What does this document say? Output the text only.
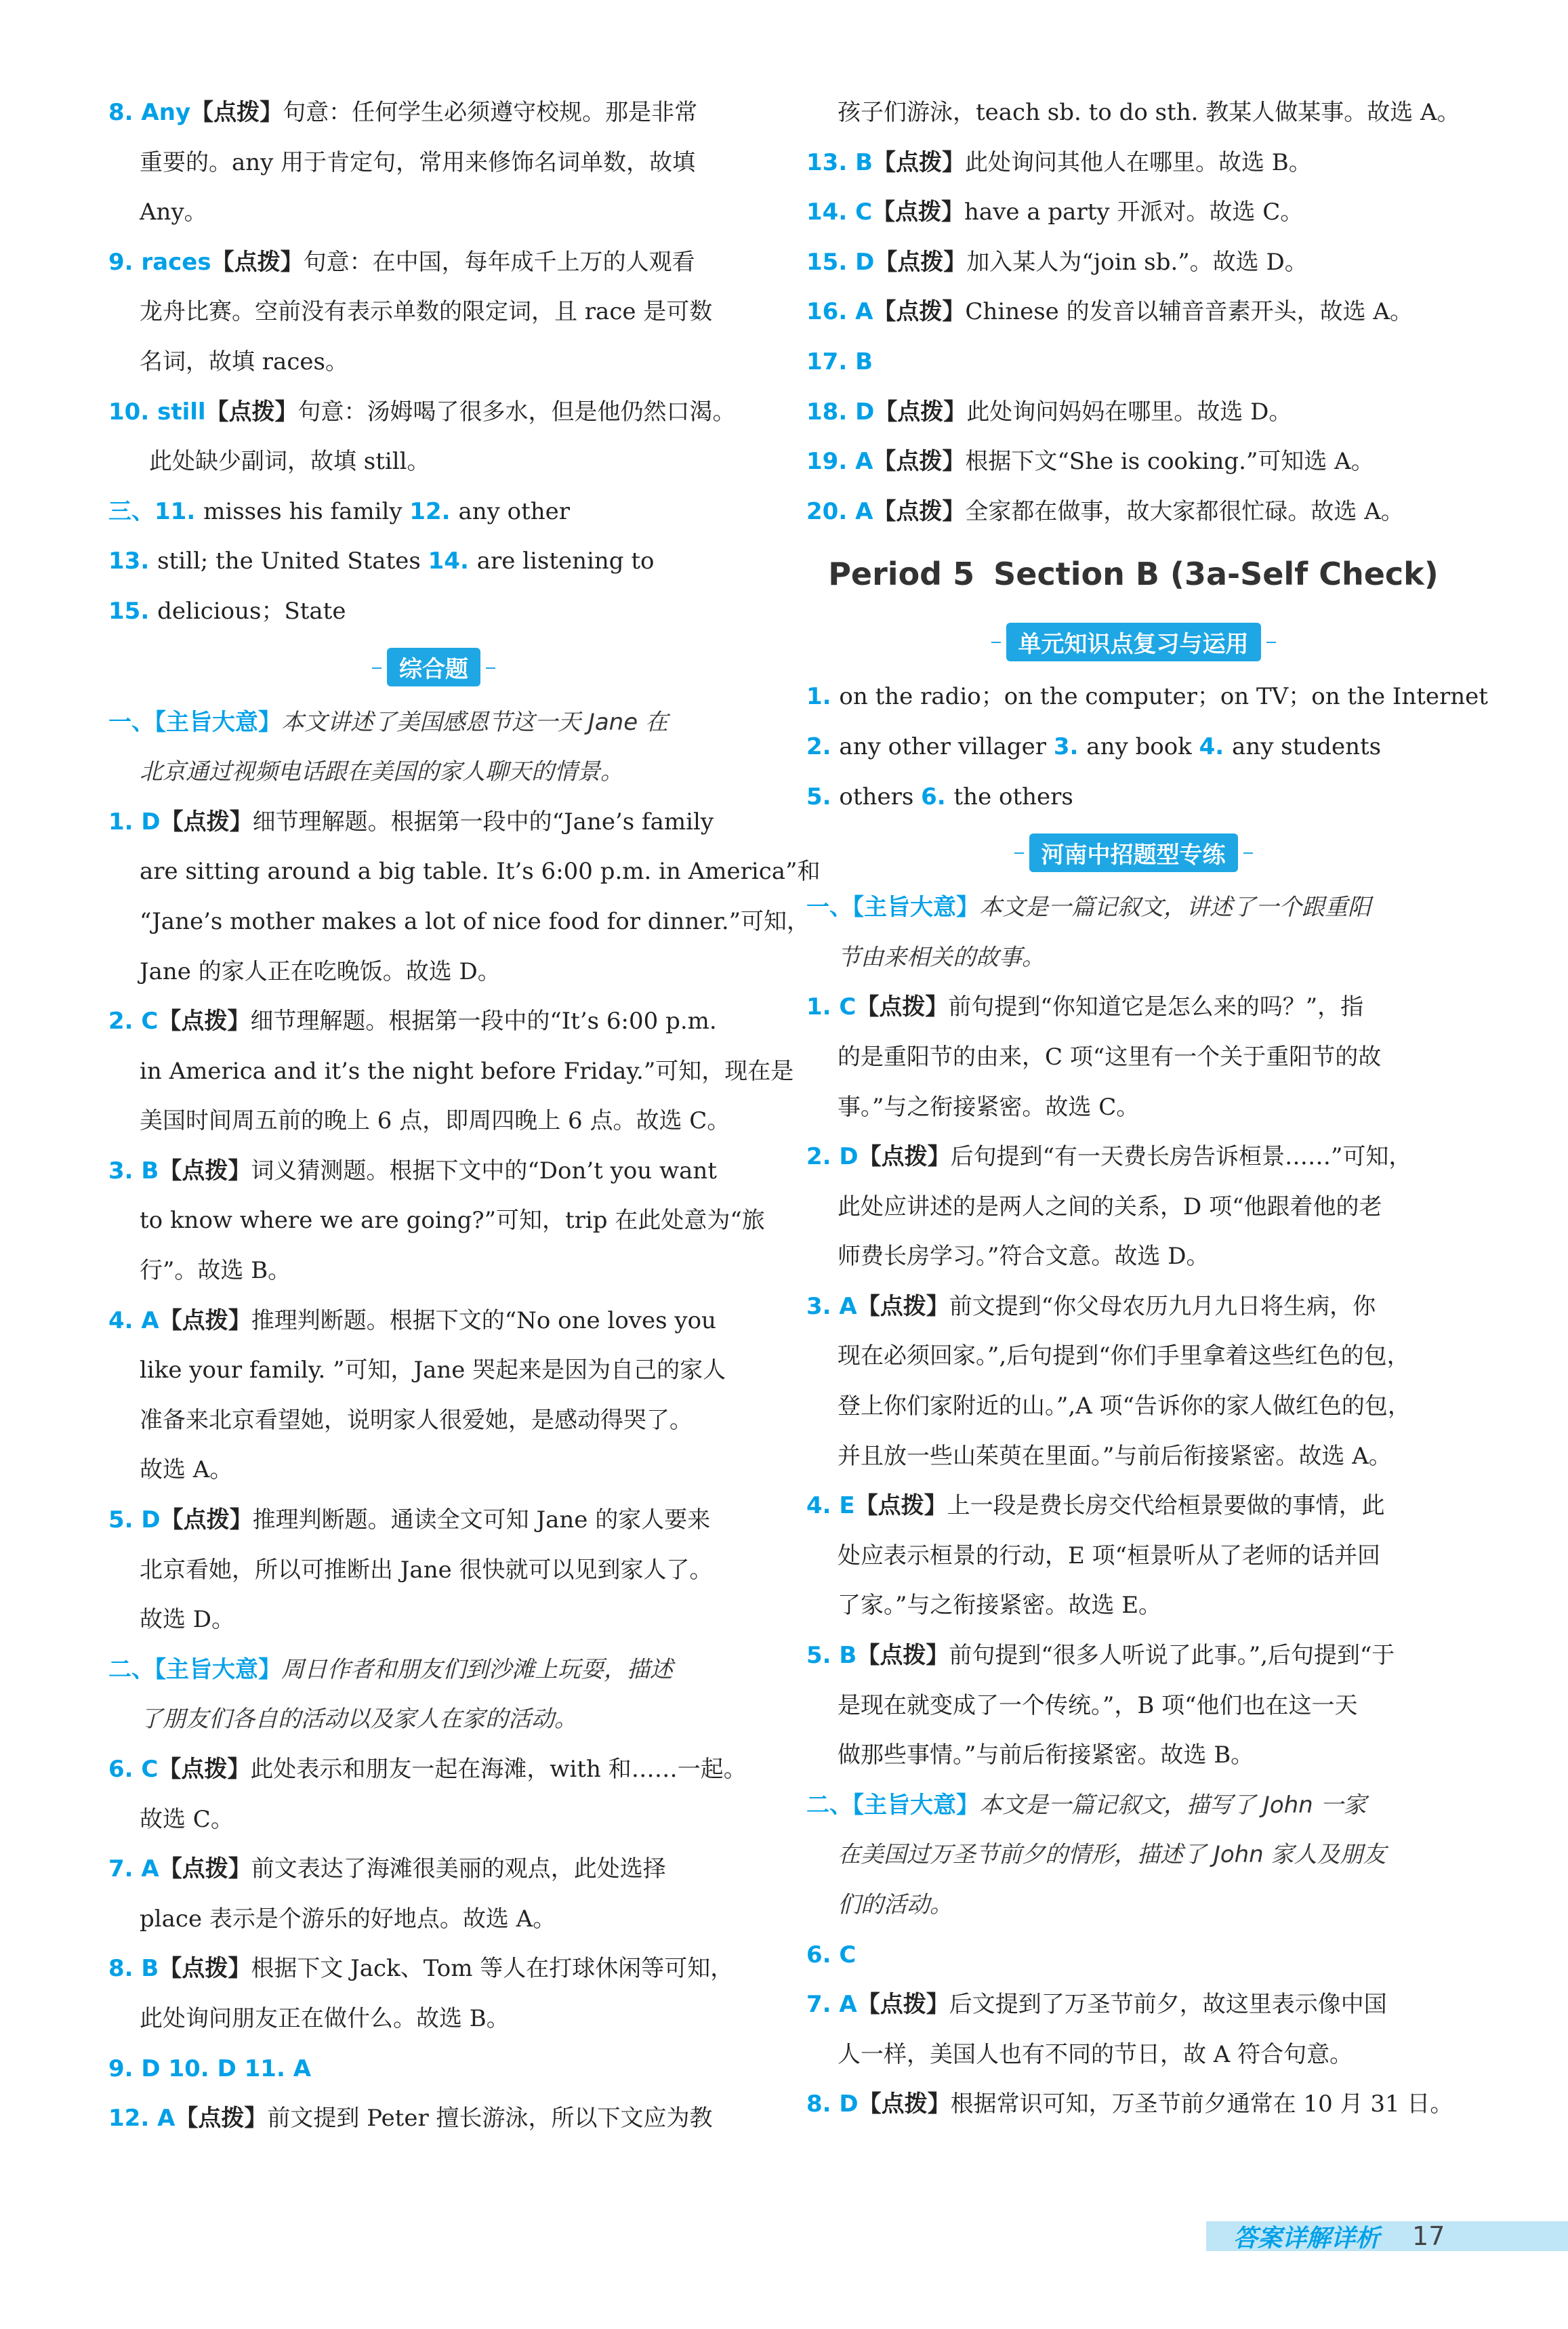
8. Any【点拨】句意：任何学生必须遵守校规。那是非常
重要的。any 用于肯定句，常用来修饰名词单数，故填
Any。
9. races【点拨】句意：在中国，每年成千上万的人观看
龙舟比赛。空前没有表示单数的限定词，且 race 是可数
名词，故填 races。
10. still【点拨】句意：汤姆喝了很多水，但是他仍然口渴。
此处缺少副词，故填 still。
三、11. misses his family 12. any other
13. still; the United States 14. are listening to
15. delicious；State
综合题
一、【主旨大意】本文讲述了美国感恩节这一天 Jane 在
北京通过视频电话跟在美国的家人聊天的情景。
1. D【点拨】细节理解题。根据第一段中的“Jane’s family
are sitting around a big table. It’s 6:00 p.m. in America”和
“Jane’s mother makes a lot of nice food for dinner.”可知，
Jane 的家人正在吃晚饭。故选 D。
2. C【点拨】细节理解题。根据第一段中的“It’s 6:00 p.m.
in America and it’s the night before Friday.”可知，现在是
美国时间周五前的晚上 6 点，即周四晚上 6 点。故选 C。
3. B【点拨】词义猜测题。根据下文中的“Don’t you want
to know where we are going?”可知，trip 在此处意为“旅
行”。故选 B。
4. A【点拨】推理判断题。根据下文的“No one loves you
like your family. ”可知，Jane 哭起来是因为自己的家人
准备来北京看望她，说明家人很爱她，是感动得哭了。
故选 A。
5. D【点拨】推理判断题。通读全文可知 Jane 的家人要来
北京看她，所以可推断出 Jane 很快就可以见到家人了。
故选 D。
二、【主旨大意】周日作者和朋友们到沙滩上玩耍，描述
了朋友们各自的活动以及家人在家的活动。
6. C【点拨】此处表示和朋友一起在海滩，with 和……一起。
故选 C。
7. A【点拨】前文表达了海滩很美丽的观点，此处选择
place 表示是个游乐的好地点。故选 A。
8. B【点拨】根据下文 Jack、Tom 等人在打球休闲等可知，
此处询问朋友正在做什么。故选 B。
9. D 10. D 11. A
12. A【点拨】前文提到 Peter 擅长游泳，所以下文应为教
孩子们游泳，teach sb. to do sth. 教某人做某事。故选 A。
13. B【点拨】此处询问其他人在哪里。故选 B。
14. C【点拨】have a party 开派对。故选 C。
15. D【点拨】加入某人为“join sb.”。故选 D。
16. A【点拨】Chinese 的发音以辅音音素开头，故选 A。
17. B
18. D【点拨】此处询问妈妈在哪里。故选 D。
19. A【点拨】根据下文“She is cooking.”可知选 A。
20. A【点拨】全家都在做事，故大家都很忙碌。故选 A。
Period 5 Section B (3a-Self Check)
单元知识点复习与运用
1. on the radio；on the computer；on TV；on the Internet
2. any other villager 3. any book 4. any students
5. others 6. the others
河南中招题型专练
一、【主旨大意】本文是一篇记叙文，讲述了一个跟重阳
节由来相关的故事。
1. C【点拨】前句提到“你知道它是怎么来的吗？”，指
的是重阳节的由来，C 项“这里有一个关于重阳节的故
事。”与之衔接紧密。故选 C。
2. D【点拨】后句提到“有一天费长房告诉桓景……”可知，
此处应讲述的是两人之间的关系，D 项“他跟着他的老
师费长房学习。”符合文意。故选 D。
3. A【点拨】前文提到“你父母农历九月九日将生病，你
现在必须回家。”,后句提到“你们手里拿着这些红色的包，
登上你们家附近的山。”,A 项“告诉你的家人做红色的包，
并且放一些山茱萸在里面。”与前后衔接紧密。故选 A。
4. E【点拨】上一段是费长房交代给桓景要做的事情，此
处应表示桓景的行动，E 项“桓景听从了老师的话并回
了家。”与之衔接紧密。故选 E。
5. B【点拨】前句提到“很多人听说了此事。”,后句提到“于
是现在就变成了一个传统。”，B 项“他们也在这一天
做那些事情。”与前后衔接紧密。故选 B。
二、【主旨大意】本文是一篇记叙文，描写了 John 一家
在美国过万圣节前夕的情形，描述了 John 家人及朋友
们的活动。
6. C
7. A【点拨】后文提到了万圣节前夕，故这里表示像中国
人一样，美国人也有不同的节日，故 A 符合句意。
8. D【点拨】根据常识可知，万圣节前夕通常在 10 月 31 日。
答案详解详析 17
